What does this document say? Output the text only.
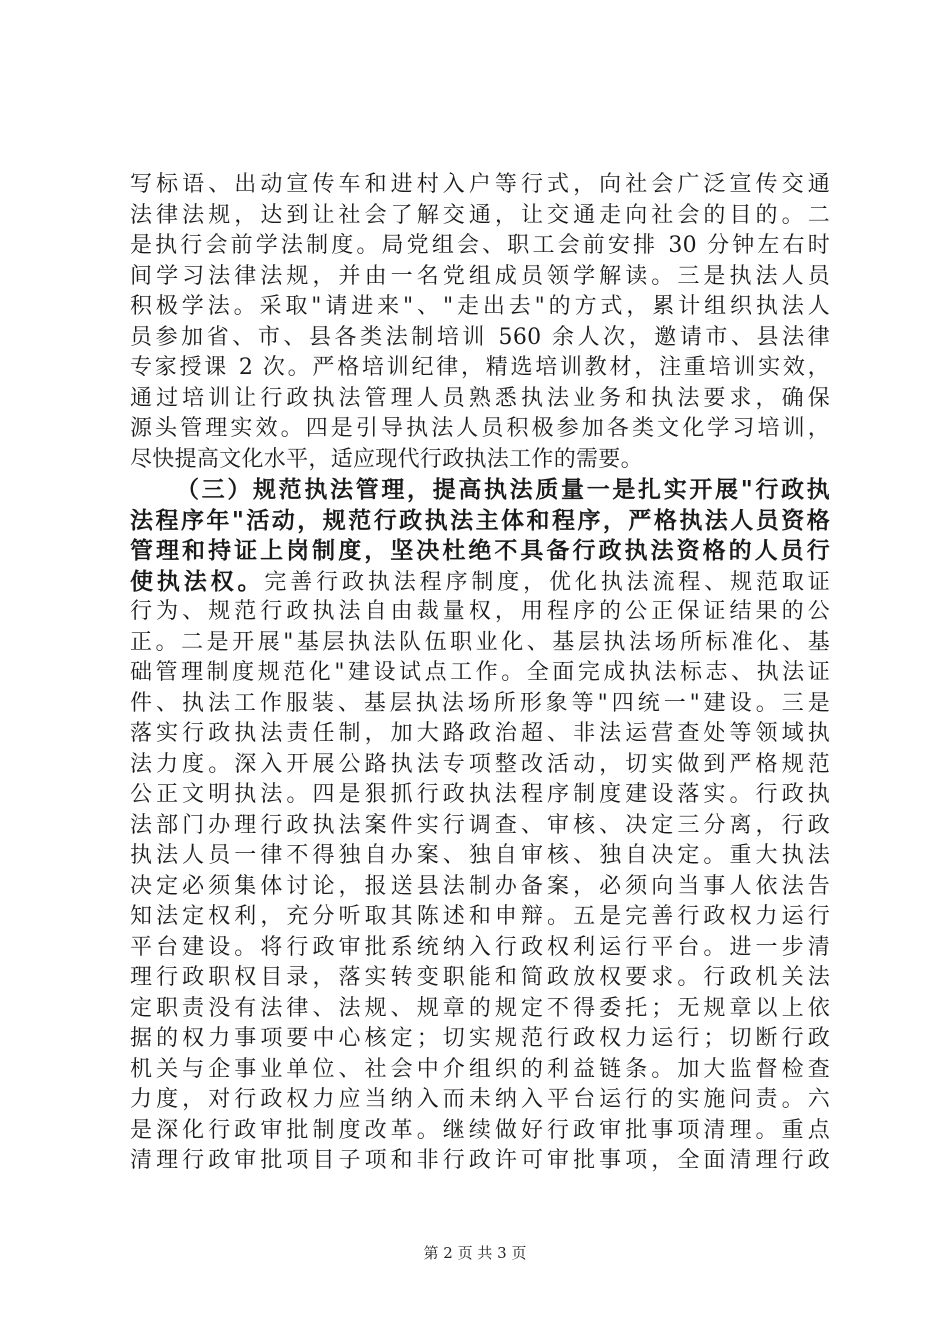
写标语、出动宣传车和进村入户等行式，向社会广泛宣传交通
法律法规，达到让社会了解交通，让交通走向社会的目的。二
是执行会前学法制度。局党组会、职工会前安排 30 分钟左右时
间学习法律法规，并由一名党组成员领学解读。三是执法人员
积极学法。采取"请进来"、"走出去"的方式，累计组织执法人
员参加省、市、县各类法制培训 560 余人次，邀请市、县法律
专家授课 2 次。严格培训纪律，精选培训教材，注重培训实效，
通过培训让行政执法管理人员熟悉执法业务和执法要求，确保
源头管理实效。四是引导执法人员积极参加各类文化学习培训，
尽快提高文化水平，适应现代行政执法工作的需要。
（三）规范执法管理，提高执法质量一是扎实开展"行政执
法程序年"活动，规范行政执法主体和程序，严格执法人员资格
管理和持证上岗制度，坚决杜绝不具备行政执法资格的人员行
使执法权。完善行政执法程序制度，优化执法流程、规范取证
行为、规范行政执法自由裁量权，用程序的公正保证结果的公
正。二是开展"基层执法队伍职业化、基层执法场所标准化、基
础管理制度规范化"建设试点工作。全面完成执法标志、执法证
件、执法工作服装、基层执法场所形象等"四统一"建设。三是
落实行政执法责任制，加大路政治超、非法运营查处等领域执
法力度。深入开展公路执法专项整改活动，切实做到严格规范
公正文明执法。四是狠抓行政执法程序制度建设落实。行政执
法部门办理行政执法案件实行调查、审核、决定三分离，行政
执法人员一律不得独自办案、独自审核、独自决定。重大执法
决定必须集体讨论，报送县法制办备案，必须向当事人依法告
知法定权利，充分听取其陈述和申辩。五是完善行政权力运行
平台建设。将行政审批系统纳入行政权利运行平台。进一步清
理行政职权目录，落实转变职能和简政放权要求。行政机关法
定职责没有法律、法规、规章的规定不得委托；无规章以上依
据的权力事项要中心核定；切实规范行政权力运行；切断行政
机关与企事业单位、社会中介组织的利益链条。加大监督检查
力度，对行政权力应当纳入而未纳入平台运行的实施问责。六
是深化行政审批制度改革。继续做好行政审批事项清理。重点
清理行政审批项目子项和非行政许可审批事项，全面清理行政
第 2 页 共 3 页
